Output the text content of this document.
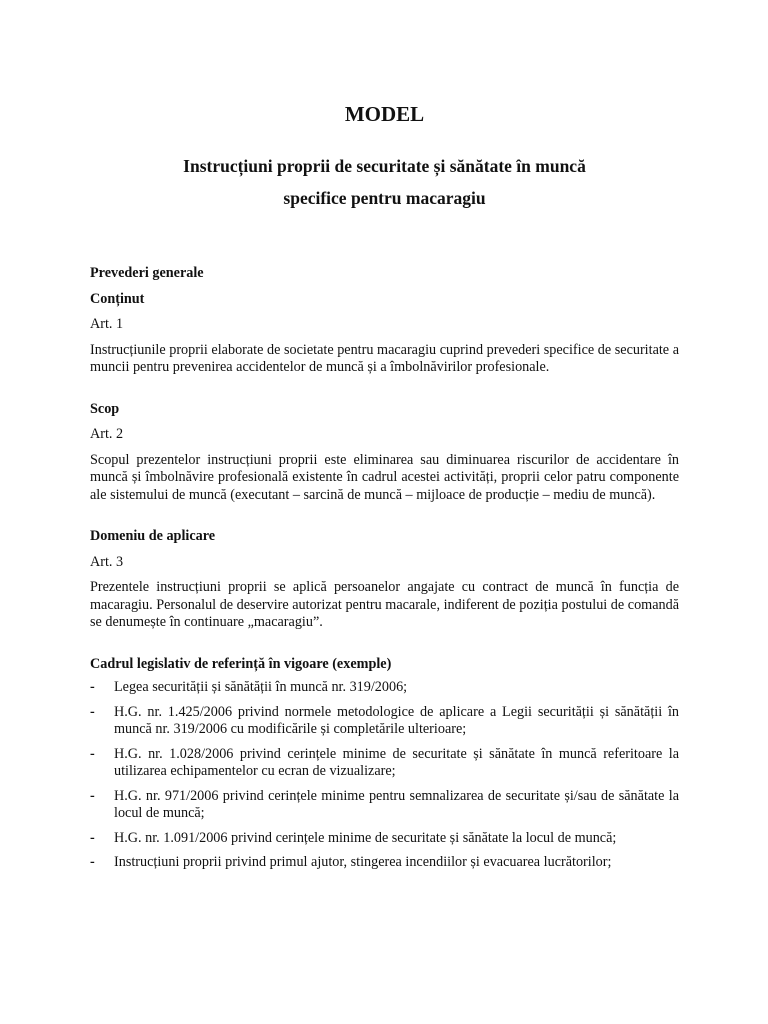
MODEL
Instrucțiuni proprii de securitate și sănătate în muncă
specifice pentru macaragiu

Prevederi generale

Conținut

Art. 1

Instrucțiunile proprii elaborate de societate pentru macaragiu cuprind prevederi specifice de securitate a muncii pentru prevenirea accidentelor de muncă și a îmbolnăvirilor profesionale.

Scop

Art. 2

Scopul prezentelor instrucțiuni proprii este eliminarea sau diminuarea riscurilor de accidentare în muncă și îmbolnăvire profesională existente în cadrul acestei activități, proprii celor patru componente ale sistemului de muncă (executant – sarcină de muncă – mijloace de producție – mediu de muncă).

Domeniu de aplicare

Art. 3

Prezentele instrucțiuni proprii se aplică persoanelor angajate cu contract de muncă în funcția de macaragiu. Personalul de deservire autorizat pentru macarale, indiferent de poziția postului de comandă se denumește în continuare „macaragiu”.

Cadrul legislativ de referință în vigoare (exemple)

- Legea securității și sănătății în muncă nr. 319/2006;
- H.G. nr. 1.425/2006 privind normele metodologice de aplicare a Legii securității și sănătății în muncă nr. 319/2006 cu modificările și completările ulterioare;
- H.G. nr. 1.028/2006 privind cerințele minime de securitate și sănătate în muncă referitoare la utilizarea echipamentelor cu ecran de vizualizare;
- H.G. nr. 971/2006 privind cerințele minime pentru semnalizarea de securitate și/sau de sănătate la locul de muncă;
- H.G. nr. 1.091/2006 privind cerințele minime de securitate și sănătate la locul de muncă;
- Instrucțiuni proprii privind primul ajutor, stingerea incendiilor și evacuarea lucrătorilor;
